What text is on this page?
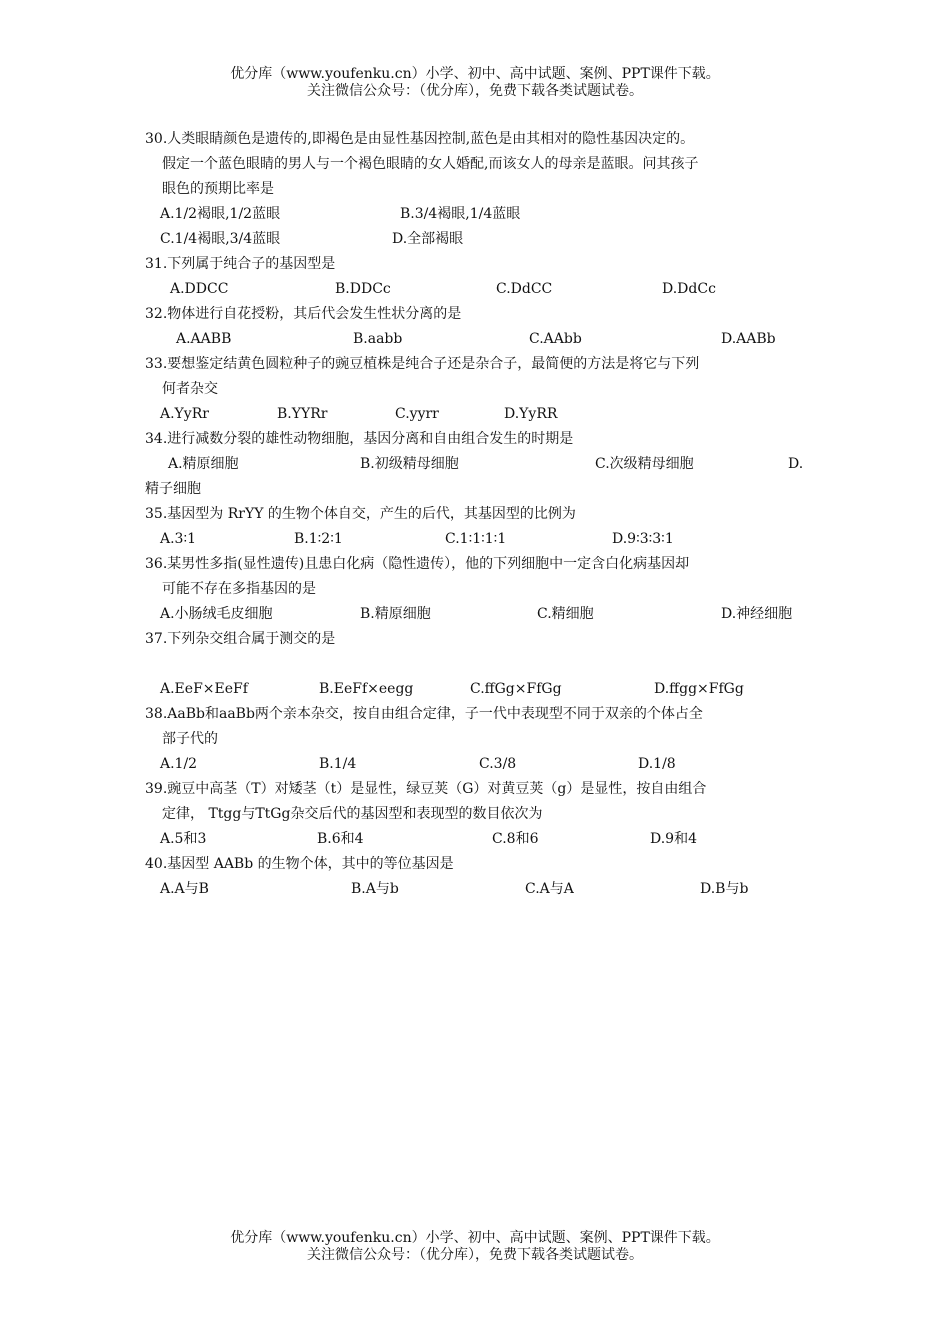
优分库（www.youfenku.cn）小学、初中、高中试题、案例、PPT课件下载。
关注微信公众号：（优分库），免费下载各类试题试卷。
30.人类眼睛颜色是遗传的,即褐色是由显性基因控制,蓝色是由其相对的隐性基因决定的。
假定一个蓝色眼睛的男人与一个褐色眼睛的女人婚配,而该女人的母亲是蓝眼。问其孩子
眼色的预期比率是
A.1/2褐眼,1/2蓝眼	B.3/4褐眼,1/4蓝眼
C.1/4褐眼,3/4蓝眼	D.全部褐眼
31.下列属于纯合子的基因型是
A.DDCC	B.DDCc	C.DdCC	D.DdCc
32.物体进行自花授粉，其后代会发生性状分离的是
A.AABB	B.aabb	C.AAbb	D.AABb
33.要想鉴定结黄色圆粒种子的豌豆植株是纯合子还是杂合子，最简便的方法是将它与下列
何者杂交
A.YyRr	B.YYRr	C.yyrr	D.YyRR
34.进行减数分裂的雄性动物细胞，基因分离和自由组合发生的时期是
A.精原细胞	B.初级精母细胞	C.次级精母细胞	D.
精子细胞
35.基因型为 RrYY 的生物个体自交，产生的后代，其基因型的比例为
A.3∶1	B.1∶2∶1	C.1∶1∶1∶1	D.9∶3∶3∶1
36.某男性多指(显性遗传)且患白化病（隐性遗传），他的下列细胞中一定含白化病基因却
可能不存在多指基因的是
A.小肠绒毛皮细胞	B.精原细胞	C.精细胞	D.神经细胞
37.下列杂交组合属于测交的是
A.EeF×EeFf	B.EeFf×eegg	C.ffGg×FfGg	D.ffgg×FfGg
38.AaBb和aaBb两个亲本杂交，按自由组合定律，子一代中表现型不同于双亲的个体占全
部子代的
A.1/2	B.1/4	C.3/8	D.1/8
39.豌豆中高茎（T）对矮茎（t）是显性，绿豆荚（G）对黄豆荚（g）是显性，按自由组合
定律， Ttgg与TtGg杂交后代的基因型和表现型的数目依次为
A.5和3	B.6和4	C.8和6	D.9和4
40.基因型 AABb 的生物个体，其中的等位基因是
A.A与B	B.A与b	C.A与A	D.B与b
优分库（www.youfenku.cn）小学、初中、高中试题、案例、PPT课件下载。
关注微信公众号：（优分库），免费下载各类试题试卷。
